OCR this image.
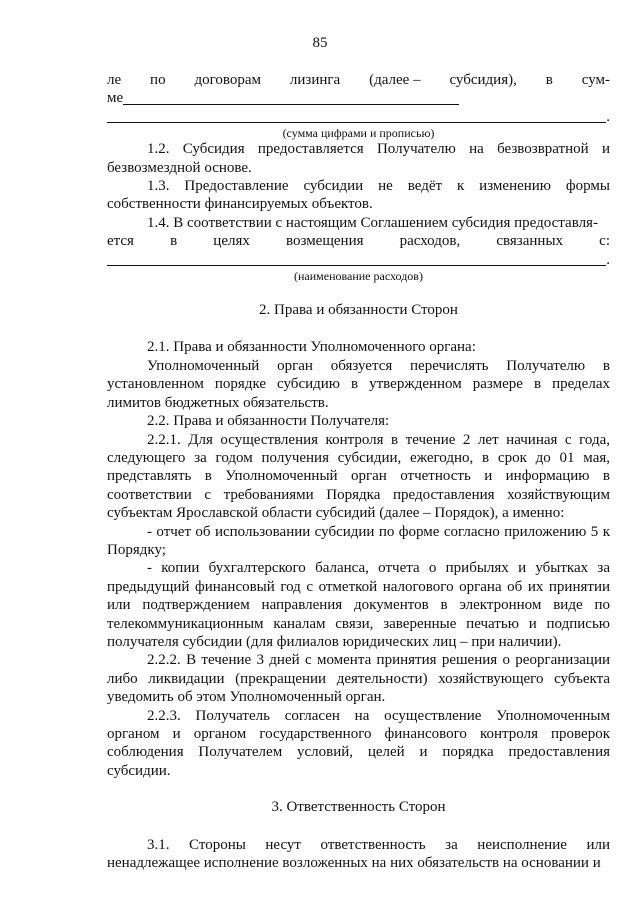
85
ле по договорам лизинга (далее – субсидия), в сум-
ме
.
(сумма цифрами и прописью)

1.2. Субсидия предоставляется Получателю на безвозвратной и безвозмездной основе.

1.3. Предоставление субсидии не ведёт к изменению формы собственности финансируемых объектов.

1.4. В соответствии с настоящим Соглашением субсидия предоставля-

ется в целях возмещения расходов, связанных с:
.
(наименование расходов)

2. Права и обязанности Сторон

2.1. Права и обязанности Уполномоченного органа:

Уполномоченный орган обязуется перечислять Получателю в установленном порядке субсидию в утвержденном размере в пределах лимитов бюджетных обязательств.

2.2. Права и обязанности Получателя:

2.2.1. Для осуществления контроля в течение 2 лет начиная с года, следующего за годом получения субсидии, ежегодно, в срок до 01 мая, представлять в Уполномоченный орган отчетность и информацию в соответствии с требованиями Порядка предоставления хозяйствующим субъектам Ярославской области субсидий (далее – Порядок), а именно:

- отчет об использовании субсидии по форме согласно приложению 5 к Порядку;

- копии бухгалтерского баланса, отчета о прибылях и убытках за предыдущий финансовый год с отметкой налогового органа об их принятии или подтверждением направления документов в электронном виде по телекоммуникационным каналам связи, заверенные печатью и подписью получателя субсидии (для филиалов юридических лиц – при наличии).

2.2.2. В течение 3 дней с момента принятия решения о реорганизации либо ликвидации (прекращении деятельности) хозяйствующего субъекта уведомить об этом Уполномоченный орган.

2.2.3. Получатель согласен на осуществление Уполномоченным органом и органом государственного финансового контроля проверок соблюдения Получателем условий, целей и порядка предоставления субсидии.

3. Ответственность Сторон

3.1. Стороны несут ответственность за неисполнение или ненадлежащее исполнение возложенных на них обязательств на основании и
